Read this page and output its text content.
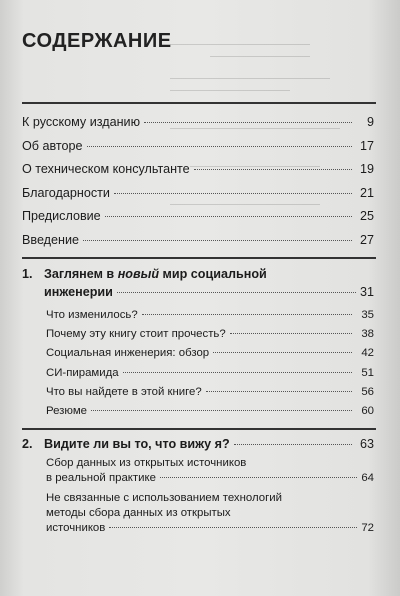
СОДЕРЖАНИЕ
К русскому изданию	9
Об авторе	17
О техническом консультанте	19
Благодарности	21
Предисловие	25
Введение	27
1. Заглянем в новый мир социальной
инженерии	31
Что изменилось?	35
Почему эту книгу стоит прочесть?	38
Социальная инженерия: обзор	42
СИ-пирамида	51
Что вы найдете в этой книге?	56
Резюме	60
2. Видите ли вы то, что вижу я?	63
Сбор данных из открытых источников
в реальной практике	64
Не связанные с использованием технологий
методы сбора данных из открытых
источников	72
